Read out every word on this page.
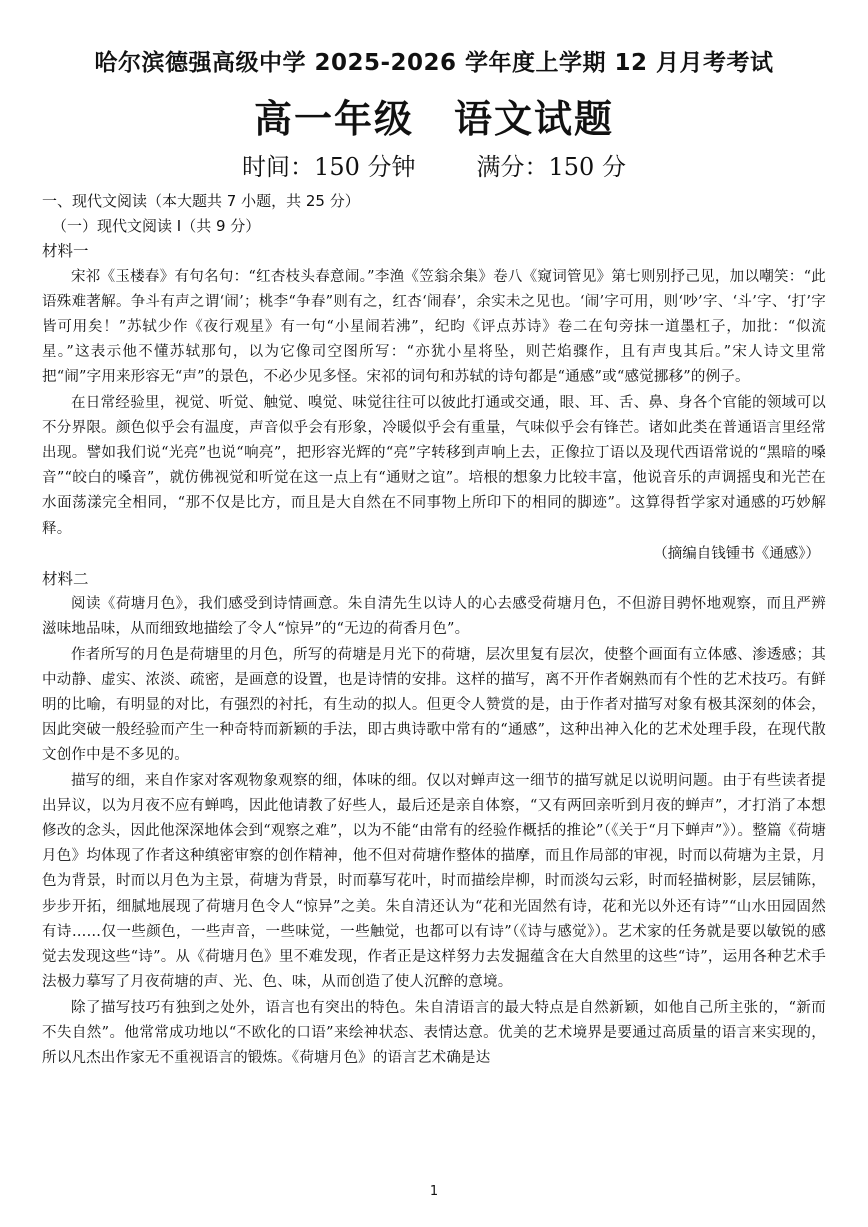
哈尔滨德强高级中学 2025-2026 学年度上学期 12 月月考考试
高一年级　语文试题
时间：150 分钟	满分：150 分

一、现代文阅读（本大题共 7 小题，共 25 分）

（一）现代文阅读 I（共 9 分）

材料一

宋祁《玉楼春》有句名句：“红杏枝头春意闹。”李渔《笠翁余集》卷八《窥词管见》第七则别抒己见，加以嘲笑：“此语殊难著解。争斗有声之谓‘闹’；桃李“争春”则有之，红杏‘闹春’，余实未之见也。‘闹’字可用，则‘吵’字、‘斗’字、‘打’字皆可用矣！”苏轼少作《夜行观星》有一句“小星闹若沸”，纪昀《评点苏诗》卷二在句旁抹一道墨杠子，加批：“似流星。”这表示他不懂苏轼那句，以为它像司空图所写：“亦犹小星将坠，则芒焰骤作，且有声曳其后。”宋人诗文里常把“闹”字用来形容无“声”的景色，不必少见多怪。宋祁的词句和苏轼的诗句都是“通感”或“感觉挪移”的例子。

在日常经验里，视觉、听觉、触觉、嗅觉、味觉往往可以彼此打通或交通，眼、耳、舌、鼻、身各个官能的领域可以不分界限。颜色似乎会有温度，声音似乎会有形象，冷暖似乎会有重量，气味似乎会有锋芒。诸如此类在普通语言里经常出现。譬如我们说“光亮”也说“响亮”，把形容光辉的“亮”字转移到声响上去，正像拉丁语以及现代西语常说的“黑暗的嗓音”“皎白的嗓音”，就仿佛视觉和听觉在这一点上有“通财之谊”。培根的想象力比较丰富，他说音乐的声调摇曳和光芒在水面荡漾完全相同，“那不仅是比方，而且是大自然在不同事物上所印下的相同的脚迹”。这算得哲学家对通感的巧妙解释。

（摘编自钱锺书《通感》）

材料二

阅读《荷塘月色》，我们感受到诗情画意。朱自清先生以诗人的心去感受荷塘月色，不但游目骋怀地观察，而且严辨滋味地品味，从而细致地描绘了令人“惊异”的“无边的荷香月色”。

作者所写的月色是荷塘里的月色，所写的荷塘是月光下的荷塘，层次里复有层次，使整个画面有立体感、渗透感；其中动静、虚实、浓淡、疏密，是画意的设置，也是诗情的安排。这样的描写，离不开作者娴熟而有个性的艺术技巧。有鲜明的比喻，有明显的对比，有强烈的衬托，有生动的拟人。但更令人赞赏的是，由于作者对描写对象有极其深刻的体会，因此突破一般经验而产生一种奇特而新颖的手法，即古典诗歌中常有的“通感”，这种出神入化的艺术处理手段，在现代散文创作中是不多见的。

描写的细，来自作家对客观物象观察的细，体味的细。仅以对蝉声这一细节的描写就足以说明问题。由于有些读者提出异议，以为月夜不应有蝉鸣，因此他请教了好些人，最后还是亲自体察，“又有两回亲听到月夜的蝉声”，才打消了本想修改的念头，因此他深深地体会到“观察之难”，以为不能“由常有的经验作概括的推论”（《关于“月下蝉声”》）。整篇《荷塘月色》均体现了作者这种缜密审察的创作精神，他不但对荷塘作整体的描摩，而且作局部的审视，时而以荷塘为主景，月色为背景，时而以月色为主景，荷塘为背景，时而摹写花叶，时而描绘岸柳，时而淡勾云彩，时而轻描树影，层层铺陈，步步开拓，细腻地展现了荷塘月色令人“惊异”之美。朱自清还认为“花和光固然有诗，花和光以外还有诗”“山水田园固然有诗……仅一些颜色，一些声音，一些味觉，一些触觉，也都可以有诗”（《诗与感觉》）。艺术家的任务就是要以敏锐的感觉去发现这些“诗”。从《荷塘月色》里不难发现，作者正是这样努力去发掘蕴含在大自然里的这些“诗”，运用各种艺术手法极力摹写了月夜荷塘的声、光、色、味，从而创造了使人沉醉的意境。

除了描写技巧有独到之处外，语言也有突出的特色。朱自清语言的最大特点是自然新颖，如他自己所主张的，“新而不失自然”。他常常成功地以“不欧化的口语”来绘神状态、表情达意。优美的艺术境界是要通过高质量的语言来实现的，所以凡杰出作家无不重视语言的锻炼。《荷塘月色》的语言艺术确是达

1
